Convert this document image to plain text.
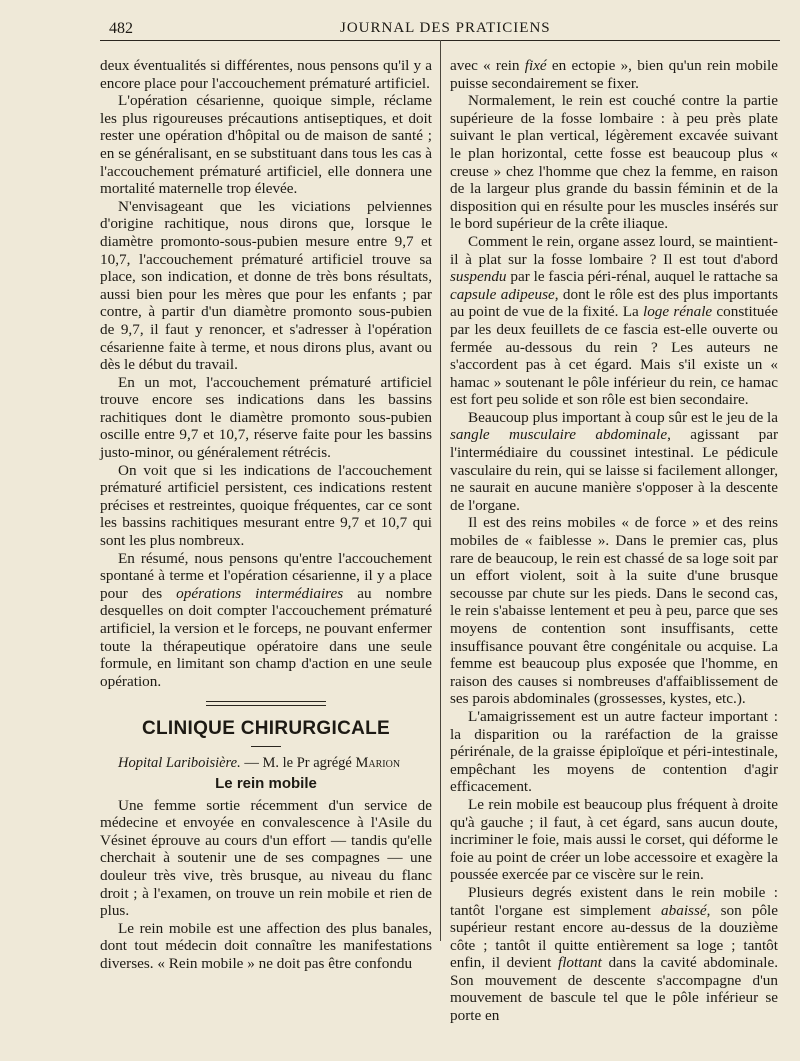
482	JOURNAL DES PRATICIENS

deux éventualités si différentes, nous pensons qu'il y a encore place pour l'accouchement prématuré artificiel.

L'opération césarienne, quoique simple, réclame les plus rigoureuses précautions antiseptiques, et doit rester une opération d'hôpital ou de maison de santé ; en se généralisant, en se substituant dans tous les cas à l'accouchement prématuré artificiel, elle donnera une mortalité maternelle trop élevée.

N'envisageant que les viciations pelviennes d'origine rachitique, nous dirons que, lorsque le diamètre promonto-sous-pubien mesure entre 9,7 et 10,7, l'accouchement prématuré artificiel trouve sa place, son indication, et donne de très bons résultats, aussi bien pour les mères que pour les enfants ; par contre, à partir d'un diamètre promonto sous-pubien de 9,7, il faut y renoncer, et s'adresser à l'opération césarienne faite à terme, et nous dirons plus, avant ou dès le début du travail.

En un mot, l'accouchement prématuré artificiel trouve encore ses indications dans les bassins rachitiques dont le diamètre promonto sous-pubien oscille entre 9,7 et 10,7, réserve faite pour les bassins justo-minor, ou généralement rétrécis.

On voit que si les indications de l'accouchement prématuré artificiel persistent, ces indications restent précises et restreintes, quoique fréquentes, car ce sont les bassins rachitiques mesurant entre 9,7 et 10,7 qui sont les plus nombreux.

En résumé, nous pensons qu'entre l'accouchement spontané à terme et l'opération césarienne, il y a place pour des opérations intermédiaires au nombre desquelles on doit compter l'accouchement prématuré artificiel, la version et le forceps, ne pouvant enfermer toute la thérapeutique opératoire dans une seule formule, en limitant son champ d'action en une seule opération.

CLINIQUE CHIRURGICALE

Hopital Lariboisière. — M. le Pr agrégé Marion

Le rein mobile

Une femme sortie récemment d'un service de médecine et envoyée en convalescence à l'Asile du Vésinet éprouve au cours d'un effort — tandis qu'elle cherchait à soutenir une de ses compagnes — une douleur très vive, très brusque, au niveau du flanc droit ; à l'examen, on trouve un rein mobile et rien de plus.

Le rein mobile est une affection des plus banales, dont tout médecin doit connaître les manifestations diverses. « Rein mobile » ne doit pas être confondu

avec « rein fixé en ectopie », bien qu'un rein mobile puisse secondairement se fixer.

Normalement, le rein est couché contre la partie supérieure de la fosse lombaire : à peu près plate suivant le plan vertical, légèrement excavée suivant le plan horizontal, cette fosse est beaucoup plus « creuse » chez l'homme que chez la femme, en raison de la largeur plus grande du bassin féminin et de la disposition qui en résulte pour les muscles insérés sur le bord supérieur de la crête iliaque.

Comment le rein, organe assez lourd, se maintient-il à plat sur la fosse lombaire ? Il est tout d'abord suspendu par le fascia péri-rénal, auquel le rattache sa capsule adipeuse, dont le rôle est des plus importants au point de vue de la fixité. La loge rénale constituée par les deux feuillets de ce fascia est-elle ouverte ou fermée au-dessous du rein ? Les auteurs ne s'accordent pas à cet égard. Mais s'il existe un « hamac » soutenant le pôle inférieur du rein, ce hamac est fort peu solide et son rôle est bien secondaire.

Beaucoup plus important à coup sûr est le jeu de la sangle musculaire abdominale, agissant par l'intermédiaire du coussinet intestinal. Le pédicule vasculaire du rein, qui se laisse si facilement allonger, ne saurait en aucune manière s'opposer à la descente de l'organe.

Il est des reins mobiles « de force » et des reins mobiles de « faiblesse ». Dans le premier cas, plus rare de beaucoup, le rein est chassé de sa loge soit par un effort violent, soit à la suite d'une brusque secousse par chute sur les pieds. Dans le second cas, le rein s'abaisse lentement et peu à peu, parce que ses moyens de contention sont insuffisants, cette insuffisance pouvant être congénitale ou acquise. La femme est beaucoup plus exposée que l'homme, en raison des causes si nombreuses d'affaiblissement de ses parois abdominales (grossesses, kystes, etc.).

L'amaigrissement est un autre facteur important : la disparition ou la raréfaction de la graisse périrénale, de la graisse épiploïque et péri-intestinale, empêchant les moyens de contention d'agir efficacement.

Le rein mobile est beaucoup plus fréquent à droite qu'à gauche ; il faut, à cet égard, sans aucun doute, incriminer le foie, mais aussi le corset, qui déforme le foie au point de créer un lobe accessoire et exagère la poussée exercée par ce viscère sur le rein.

Plusieurs degrés existent dans le rein mobile : tantôt l'organe est simplement abaissé, son pôle supérieur restant encore au-dessus de la douzième côte ; tantôt il quitte entièrement sa loge ; tantôt enfin, il devient flottant dans la cavité abdominale. Son mouvement de descente s'accompagne d'un mouvement de bascule tel que le pôle inférieur se porte en
